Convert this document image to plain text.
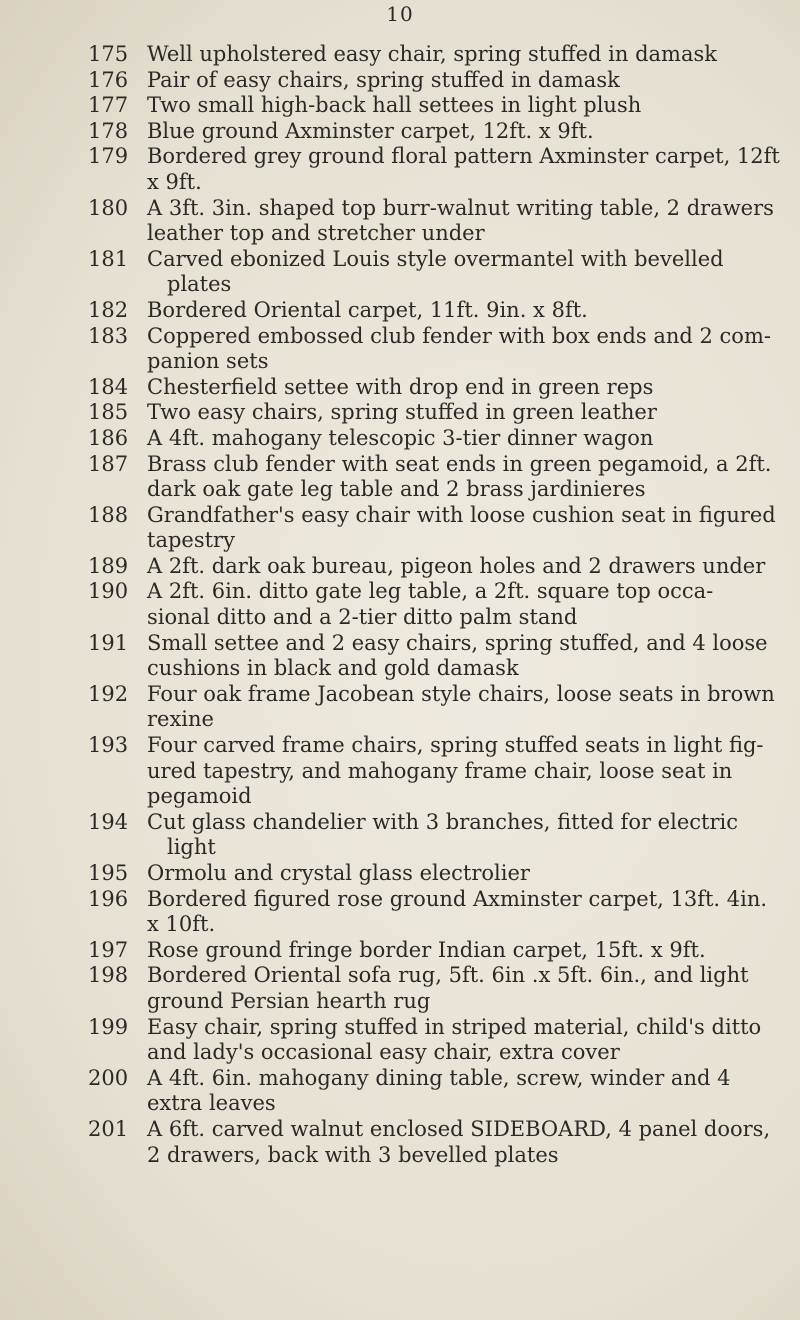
10
175 Well upholstered easy chair, spring stuffed in damask
176 Pair of easy chairs, spring stuffed in damask
177 Two small high-back hall settees in light plush
178 Blue ground Axminster carpet, 12ft. x 9ft.
179 Bordered grey ground floral pattern Axminster carpet, 12ft
x 9ft.
180 A 3ft. 3in. shaped top burr-walnut writing table, 2 drawers
leather top and stretcher under
181 Carved ebonized Louis style overmantel with bevelled plates
182 Bordered Oriental carpet, 11ft. 9in. x 8ft.
183 Coppered embossed club fender with box ends and 2 com-
panion sets
184 Chesterfield settee with drop end in green reps
185 Two easy chairs, spring stuffed in green leather
186 A 4ft. mahogany telescopic 3-tier dinner wagon
187 Brass club fender with seat ends in green pegamoid, a 2ft.
dark oak gate leg table and 2 brass jardinieres
188 Grandfather's easy chair with loose cushion seat in figured
tapestry
189 A 2ft. dark oak bureau, pigeon holes and 2 drawers under
190 A 2ft. 6in. ditto gate leg table, a 2ft. square top occa-
sional ditto and a 2-tier ditto palm stand
191 Small settee and 2 easy chairs, spring stuffed, and 4 loose
cushions in black and gold damask
192 Four oak frame Jacobean style chairs, loose seats in brown
rexine
193 Four carved frame chairs, spring stuffed seats in light fig-
ured tapestry, and mahogany frame chair, loose seat in
pegamoid
194 Cut glass chandelier with 3 branches, fitted for electric light
195 Ormolu and crystal glass electrolier
196 Bordered figured rose ground Axminster carpet, 13ft. 4in.
x 10ft.
197 Rose ground fringe border Indian carpet, 15ft. x 9ft.
198 Bordered Oriental sofa rug, 5ft. 6in .x 5ft. 6in., and light
ground Persian hearth rug
199 Easy chair, spring stuffed in striped material, child's ditto
and lady's occasional easy chair, extra cover
200 A 4ft. 6in. mahogany dining table, screw, winder and 4
extra leaves
201 A 6ft. carved walnut enclosed SIDEBOARD, 4 panel doors,
2 drawers, back with 3 bevelled plates
